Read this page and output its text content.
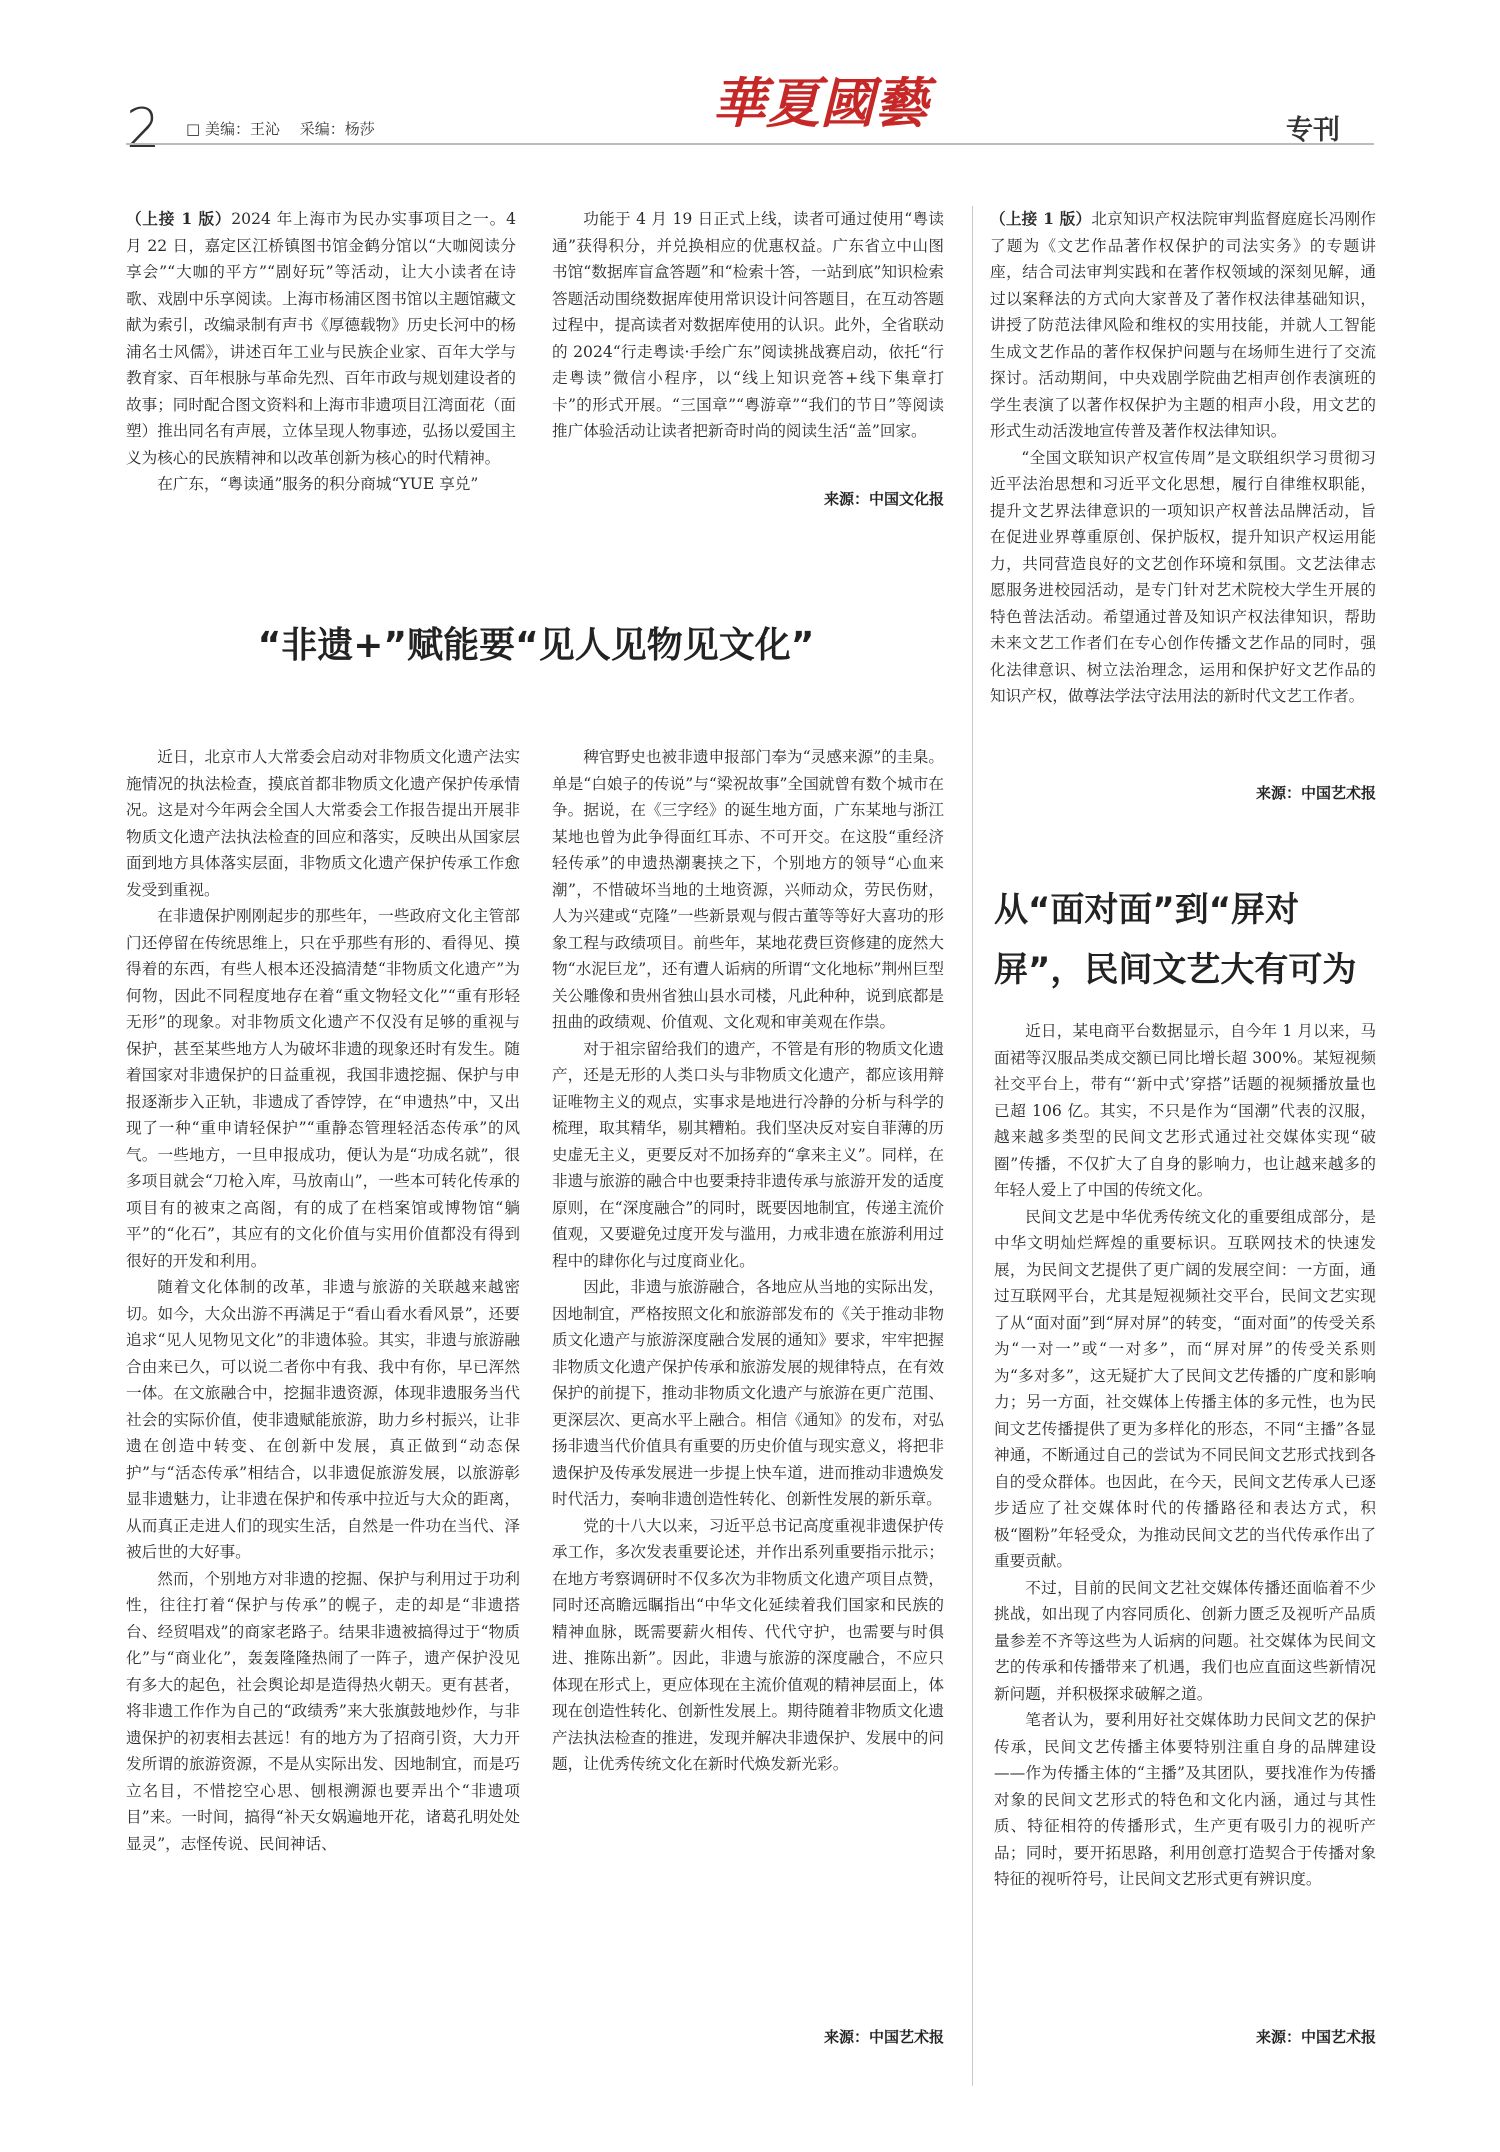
2 □ 美编：王沁　 采编：杨莎	華夏國藝	专刊

（上接 1 版）2024 年上海市为民办实事项目之一。4 月 22 日，嘉定区江桥镇图书馆金鹤分馆以“大咖阅读分享会”“大咖的平方”“剧好玩”等活动，让大小读者在诗歌、戏剧中乐享阅读。上海市杨浦区图书馆以主题馆藏文献为索引，改编录制有声书《厚德载物》历史长河中的杨浦名士风儒》，讲述百年工业与民族企业家、百年大学与教育家、百年根脉与革命先烈、百年市政与规划建设者的故事；同时配合图文资料和上海市非遗项目江湾面花（面塑）推出同名有声展，立体呈现人物事迹，弘扬以爱国主义为核心的民族精神和以改革创新为核心的时代精神。

在广东，“粤读通”服务的积分商城“YUE 享兑”

功能于 4 月 19 日正式上线，读者可通过使用“粤读通”获得积分，并兑换相应的优惠权益。广东省立中山图书馆“数据库盲盒答题”和“检索十答，一站到底”知识检索答题活动围绕数据库使用常识设计问答题目，在互动答题过程中，提高读者对数据库使用的认识。此外，全省联动的 2024“行走粤读·手绘广东”阅读挑战赛启动，依托“行走粤读”微信小程序，以“线上知识竞答+线下集章打卡”的形式开展。“三国章”“粤游章”“我们的节日”等阅读推广体验活动让读者把新奇时尚的阅读生活“盖”回家。

来源：中国文化报

（上接 1 版）北京知识产权法院审判监督庭庭长冯刚作了题为《文艺作品著作权保护的司法实务》的专题讲座，结合司法审判实践和在著作权领域的深刻见解，通过以案释法的方式向大家普及了著作权法律基础知识，讲授了防范法律风险和维权的实用技能，并就人工智能生成文艺作品的著作权保护问题与在场师生进行了交流探讨。活动期间，中央戏剧学院曲艺相声创作表演班的学生表演了以著作权保护为主题的相声小段，用文艺的形式生动活泼地宣传普及著作权法律知识。

“全国文联知识产权宣传周”是文联组织学习贯彻习近平法治思想和习近平文化思想，履行自律维权职能，提升文艺界法律意识的一项知识产权普法品牌活动，旨在促进业界尊重原创、保护版权，提升知识产权运用能力，共同营造良好的文艺创作环境和氛围。文艺法律志愿服务进校园活动，是专门针对艺术院校大学生开展的特色普法活动。希望通过普及知识产权法律知识，帮助未来文艺工作者们在专心创作传播文艺作品的同时，强化法律意识、树立法治理念，运用和保护好文艺作品的知识产权，做尊法学法守法用法的新时代文艺工作者。

来源：中国艺术报
“非遗+”赋能要“见人见物见文化”

近日，北京市人大常委会启动对非物质文化遗产法实施情况的执法检查，摸底首都非物质文化遗产保护传承情况。这是对今年两会全国人大常委会工作报告提出开展非物质文化遗产法执法检查的回应和落实，反映出从国家层面到地方具体落实层面，非物质文化遗产保护传承工作愈发受到重视。

在非遗保护刚刚起步的那些年，一些政府文化主管部门还停留在传统思维上，只在乎那些有形的、看得见、摸得着的东西，有些人根本还没搞清楚“非物质文化遗产”为何物，因此不同程度地存在着“重文物轻文化”“重有形轻无形”的现象。对非物质文化遗产不仅没有足够的重视与保护，甚至某些地方人为破坏非遗的现象还时有发生。随着国家对非遗保护的日益重视，我国非遗挖掘、保护与申报逐渐步入正轨，非遗成了香饽饽，在“申遗热”中，又出现了一种“重申请轻保护”“重静态管理轻活态传承”的风气。一些地方，一旦申报成功，便认为是“功成名就”，很多项目就会“刀枪入库，马放南山”，一些本可转化传承的项目有的被束之高阁，有的成了在档案馆或博物馆“躺平”的“化石”，其应有的文化价值与实用价值都没有得到很好的开发和利用。

随着文化体制的改革，非遗与旅游的关联越来越密切。如今，大众出游不再满足于“看山看水看风景”，还要追求“见人见物见文化”的非遗体验。其实，非遗与旅游融合由来已久，可以说二者你中有我、我中有你，早已浑然一体。在文旅融合中，挖掘非遗资源，体现非遗服务当代社会的实际价值，使非遗赋能旅游，助力乡村振兴，让非遗在创造中转变、在创新中发展，真正做到“动态保护”与“活态传承”相结合，以非遗促旅游发展，以旅游彰显非遗魅力，让非遗在保护和传承中拉近与大众的距离，从而真正走进人们的现实生活，自然是一件功在当代、泽被后世的大好事。

然而，个别地方对非遗的挖掘、保护与利用过于功利性，往往打着“保护与传承”的幌子，走的却是“非遗搭台、经贸唱戏”的商家老路子。结果非遗被搞得过于“物质化”与“商业化”，轰轰隆隆热闹了一阵子，遗产保护没见有多大的起色，社会舆论却是造得热火朝天。更有甚者，将非遗工作作为自己的“政绩秀”来大张旗鼓地炒作，与非遗保护的初衷相去甚远！有的地方为了招商引资，大力开发所谓的旅游资源，不是从实际出发、因地制宜，而是巧立名目，不惜挖空心思、刨根溯源也要弄出个“非遗项目”来。一时间，搞得“补天女娲遍地开花，诸葛孔明处处显灵”，志怪传说、民间神话、

稗官野史也被非遗申报部门奉为“灵感来源”的圭臬。单是“白娘子的传说”与“梁祝故事”全国就曾有数个城市在争。据说，在《三字经》的诞生地方面，广东某地与浙江某地也曾为此争得面红耳赤、不可开交。在这股“重经济轻传承”的申遗热潮裹挟之下，个别地方的领导“心血来潮”，不惜破坏当地的土地资源，兴师动众，劳民伤财，人为兴建或“克隆”一些新景观与假古董等等好大喜功的形象工程与政绩项目。前些年，某地花费巨资修建的庞然大物“水泥巨龙”，还有遭人诟病的所谓“文化地标”荆州巨型关公雕像和贵州省独山县水司楼，凡此种种，说到底都是扭曲的政绩观、价值观、文化观和审美观在作祟。

对于祖宗留给我们的遗产，不管是有形的物质文化遗产，还是无形的人类口头与非物质文化遗产，都应该用辩证唯物主义的观点，实事求是地进行冷静的分析与科学的梳理，取其精华，剔其糟粕。我们坚决反对妄自菲薄的历史虚无主义，更要反对不加扬弃的“拿来主义”。同样，在非遗与旅游的融合中也要秉持非遗传承与旅游开发的适度原则，在“深度融合”的同时，既要因地制宜，传递主流价值观，又要避免过度开发与滥用，力戒非遗在旅游利用过程中的肆你化与过度商业化。

因此，非遗与旅游融合，各地应从当地的实际出发，因地制宜，严格按照文化和旅游部发布的《关于推动非物质文化遗产与旅游深度融合发展的通知》要求，牢牢把握非物质文化遗产保护传承和旅游发展的规律特点，在有效保护的前提下，推动非物质文化遗产与旅游在更广范围、更深层次、更高水平上融合。相信《通知》的发布，对弘扬非遗当代价值具有重要的历史价值与现实意义，将把非遗保护及传承发展进一步提上快车道，进而推动非遗焕发时代活力，奏响非遗创造性转化、创新性发展的新乐章。

党的十八大以来，习近平总书记高度重视非遗保护传承工作，多次发表重要论述，并作出系列重要指示批示；在地方考察调研时不仅多次为非物质文化遗产项目点赞，同时还高瞻远瞩指出“中华文化延续着我们国家和民族的精神血脉，既需要薪火相传、代代守护，也需要与时俱进、推陈出新”。因此，非遗与旅游的深度融合，不应只体现在形式上，更应体现在主流价值观的精神层面上，体现在创造性转化、创新性发展上。期待随着非物质文化遗产法执法检查的推进，发现并解决非遗保护、发展中的问题，让优秀传统文化在新时代焕发新光彩。

来源：中国艺术报
从“面对面”到“屏对
屏”，民间文艺大有可为

近日，某电商平台数据显示，自今年 1 月以来，马面裙等汉服品类成交额已同比增长超 300%。某短视频社交平台上，带有“‘新中式’穿搭”话题的视频播放量也已超 106 亿。其实，不只是作为“国潮”代表的汉服，越来越多类型的民间文艺形式通过社交媒体实现“破圈”传播，不仅扩大了自身的影响力，也让越来越多的年轻人爱上了中国的传统文化。

民间文艺是中华优秀传统文化的重要组成部分，是中华文明灿烂辉煌的重要标识。互联网技术的快速发展，为民间文艺提供了更广阔的发展空间：一方面，通过互联网平台，尤其是短视频社交平台，民间文艺实现了从“面对面”到“屏对屏”的转变，“面对面”的传受关系为“一对一”或“一对多”，而“屏对屏”的传受关系则为“多对多”，这无疑扩大了民间文艺传播的广度和影响力；另一方面，社交媒体上传播主体的多元性，也为民间文艺传播提供了更为多样化的形态，不同“主播”各显神通，不断通过自己的尝试为不同民间文艺形式找到各自的受众群体。也因此，在今天，民间文艺传承人已逐步适应了社交媒体时代的传播路径和表达方式，积极“圈粉”年轻受众，为推动民间文艺的当代传承作出了重要贡献。

不过，目前的民间文艺社交媒体传播还面临着不少挑战，如出现了内容同质化、创新力匮乏及视听产品质量参差不齐等这些为人诟病的问题。社交媒体为民间文艺的传承和传播带来了机遇，我们也应直面这些新情况新问题，并积极探求破解之道。

笔者认为，要利用好社交媒体助力民间文艺的保护传承，民间文艺传播主体要特别注重自身的品牌建设——作为传播主体的“主播”及其团队，要找准作为传播对象的民间文艺形式的特色和文化内涵，通过与其性质、特征相符的传播形式，生产更有吸引力的视听产品；同时，要开拓思路，利用创意打造契合于传播对象特征的视听符号，让民间文艺形式更有辨识度。

来源：中国艺术报
